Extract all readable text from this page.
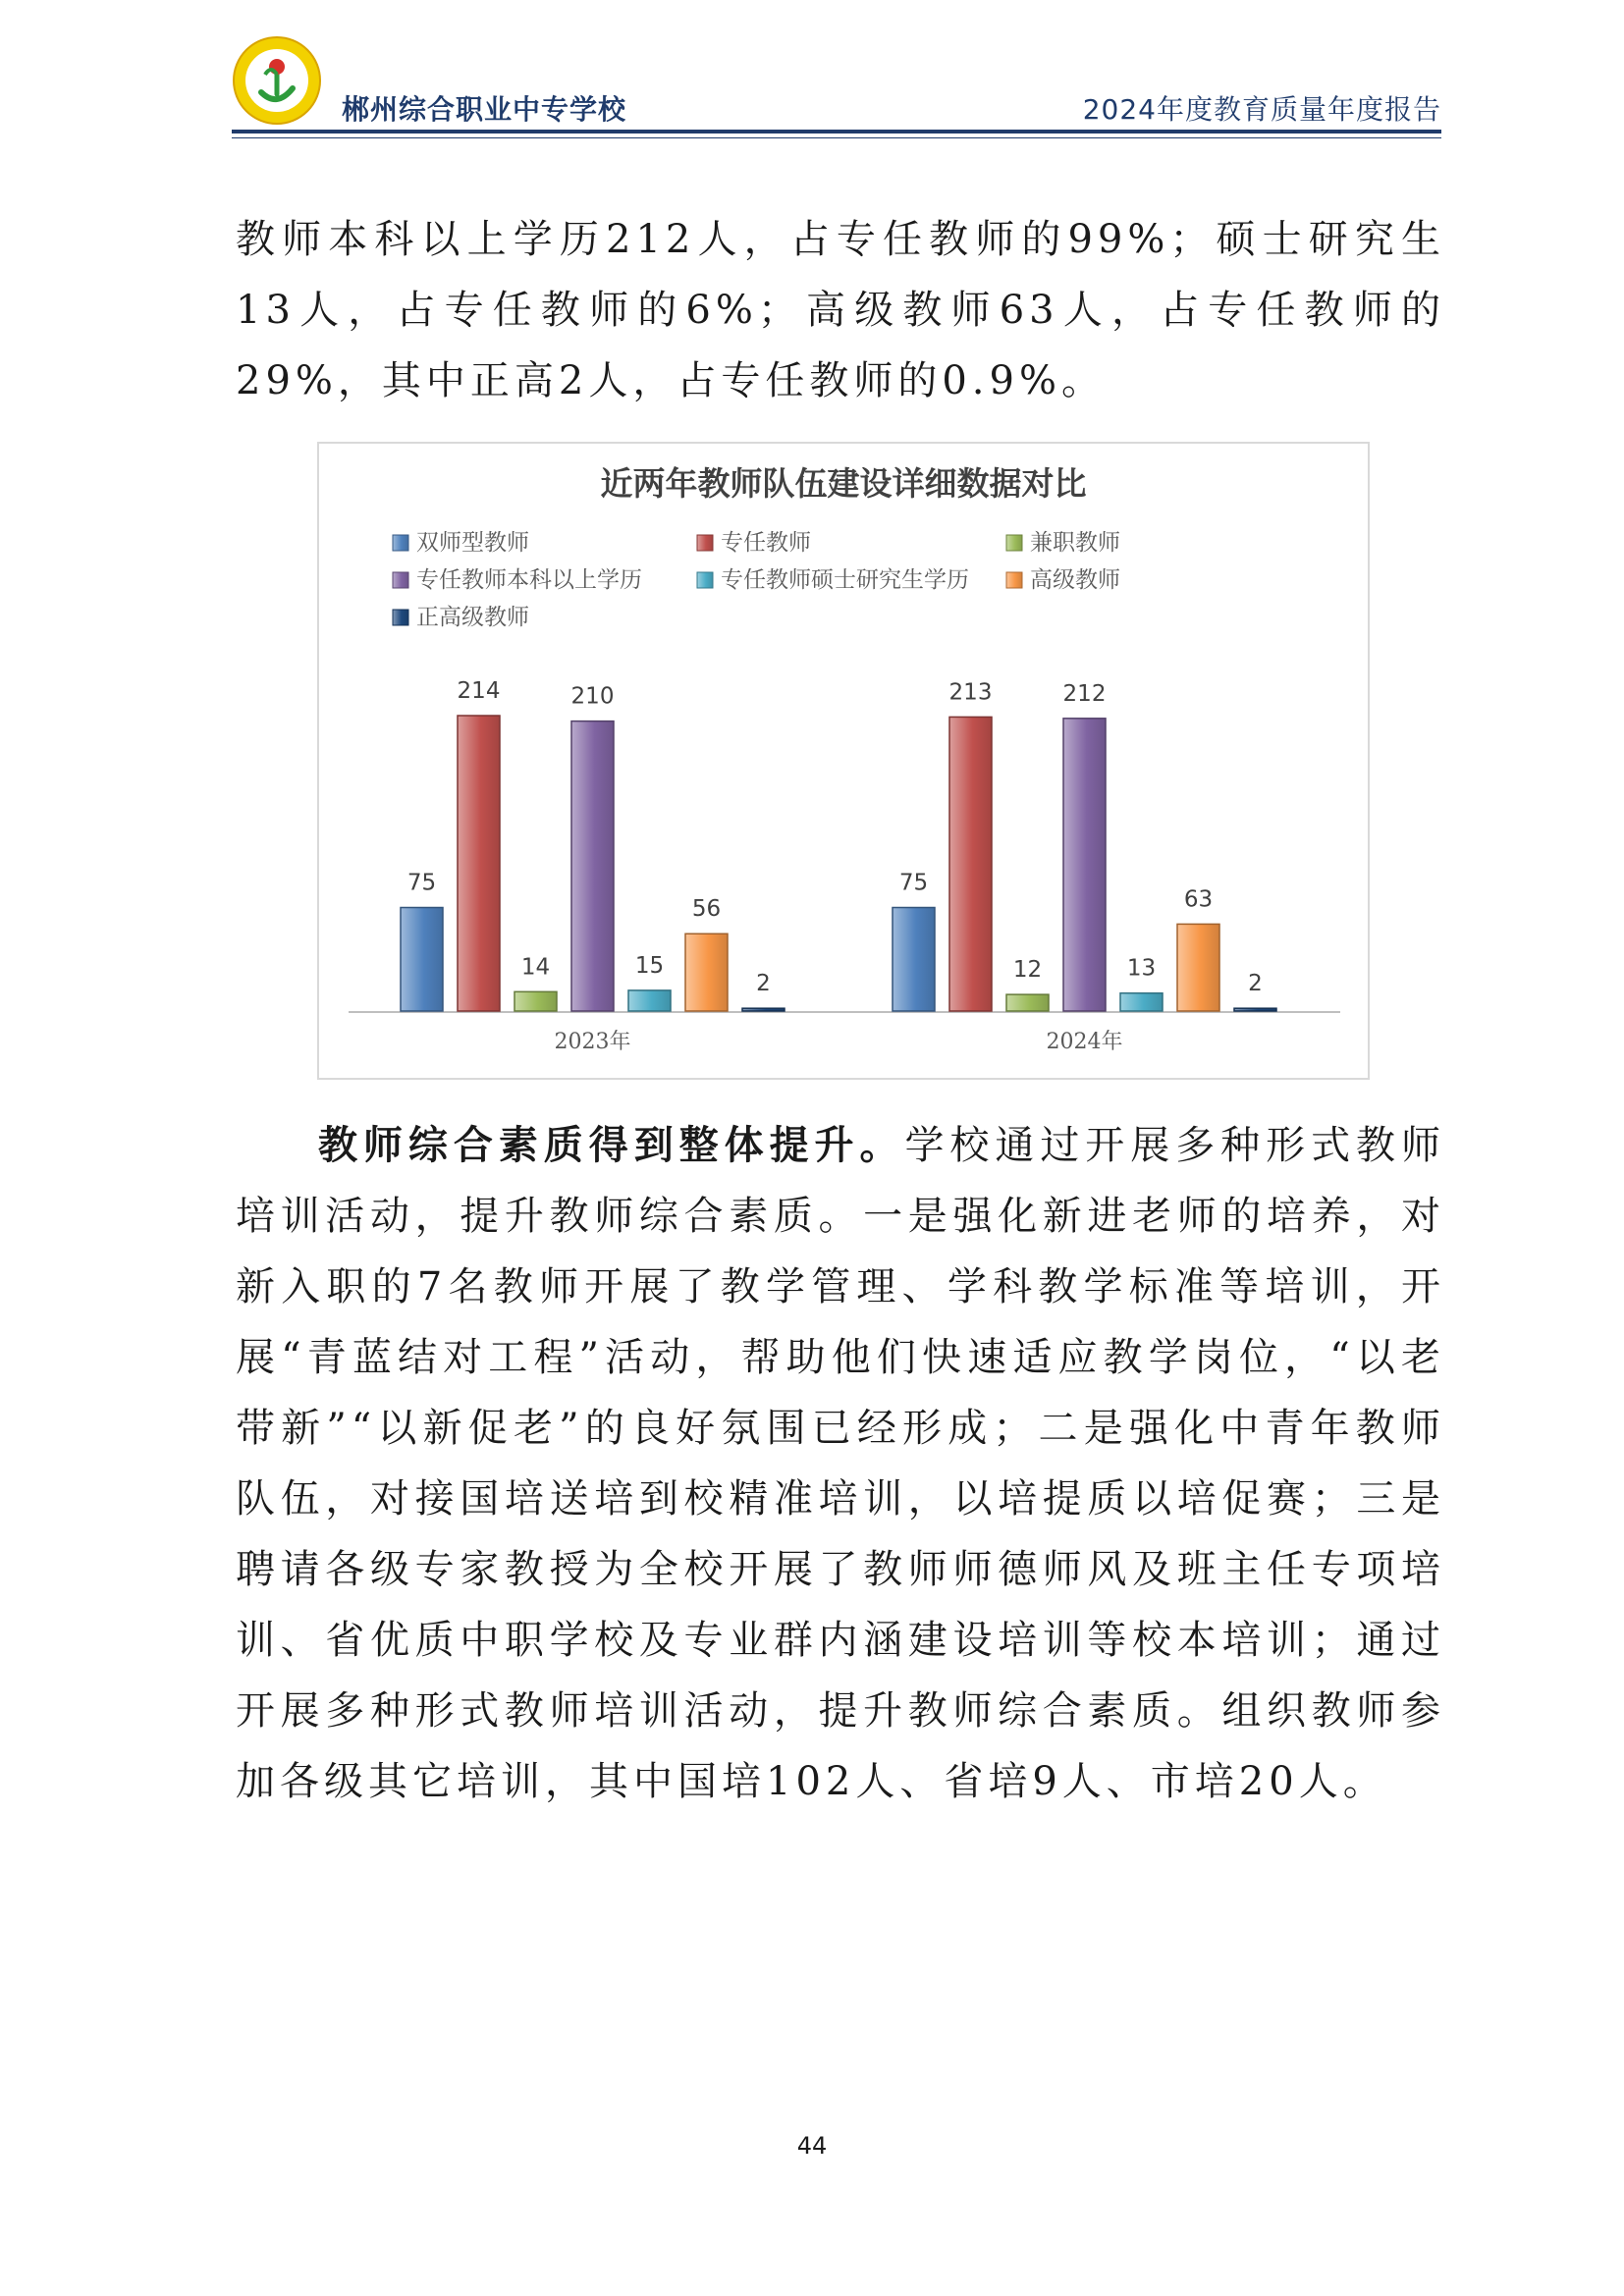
郴州综合职业中专学校	2024年度教育质量年度报告

教师本科以上学历212人，占专任教师的99%；硕士研究生13人，占专任教师的6%；高级教师63人，占专任教师的29%，其中正高2人，占专任教师的0.9%。

近两年教师队伍建设详细数据对比
双师型教师	专任教师	兼职教师
专任教师本科以上学历	专任教师硕士研究生学历	高级教师
正高级教师
75
214
14
210
15
56
2
2023年
75
213
12
212
13
63
2
2024年

教师综合素质得到整体提升。学校通过开展多种形式教师培训活动，提升教师综合素质。一是强化新进老师的培养，对新入职的7名教师开展了教学管理、学科教学标准等培训，开展“青蓝结对工程”活动，帮助他们快速适应教学岗位，“以老带新”“以新促老”的良好氛围已经形成；二是强化中青年教师队伍，对接国培送培到校精准培训，以培提质以培促赛；三是聘请各级专家教授为全校开展了教师师德师风及班主任专项培训、省优质中职学校及专业群内涵建设培训等校本培训；通过开展多种形式教师培训活动，提升教师综合素质。组织教师参加各级其它培训，其中国培102人、省培9人、市培20人。

44
